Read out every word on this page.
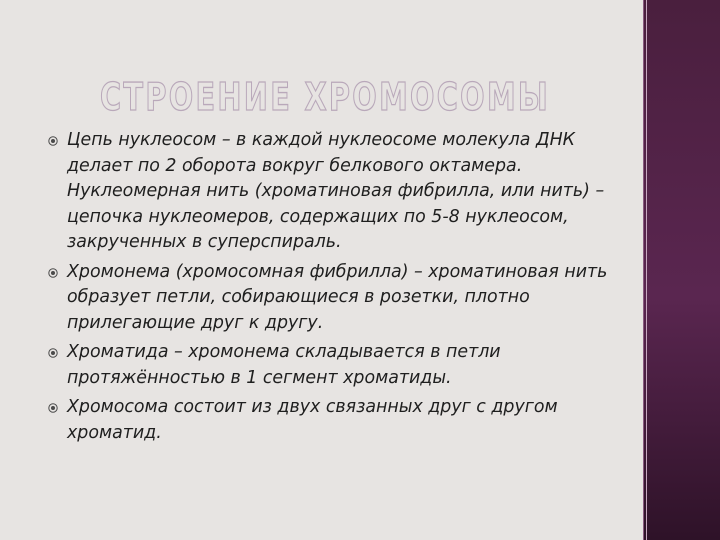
СТРОЕНИЕ ХРОМОСОМЫ
Цепь нуклеосом – в каждой нуклеосоме молекула ДНК делает по 2 оборота вокруг белкового октамера. Нуклеомерная нить (хроматиновая фибрилла, или нить) – цепочка нуклеомеров, содержащих по 5-8 нуклеосом, закрученных в суперспираль.
Хромонема (хромосомная фибрилла) – хроматиновая нить образует петли, собирающиеся в розетки, плотно прилегающие друг к другу.
Хроматида – хромонема складывается в петли протяжённостью в 1 сегмент хроматиды.
Хромосома состоит из двух связанных друг с другом хроматид.
